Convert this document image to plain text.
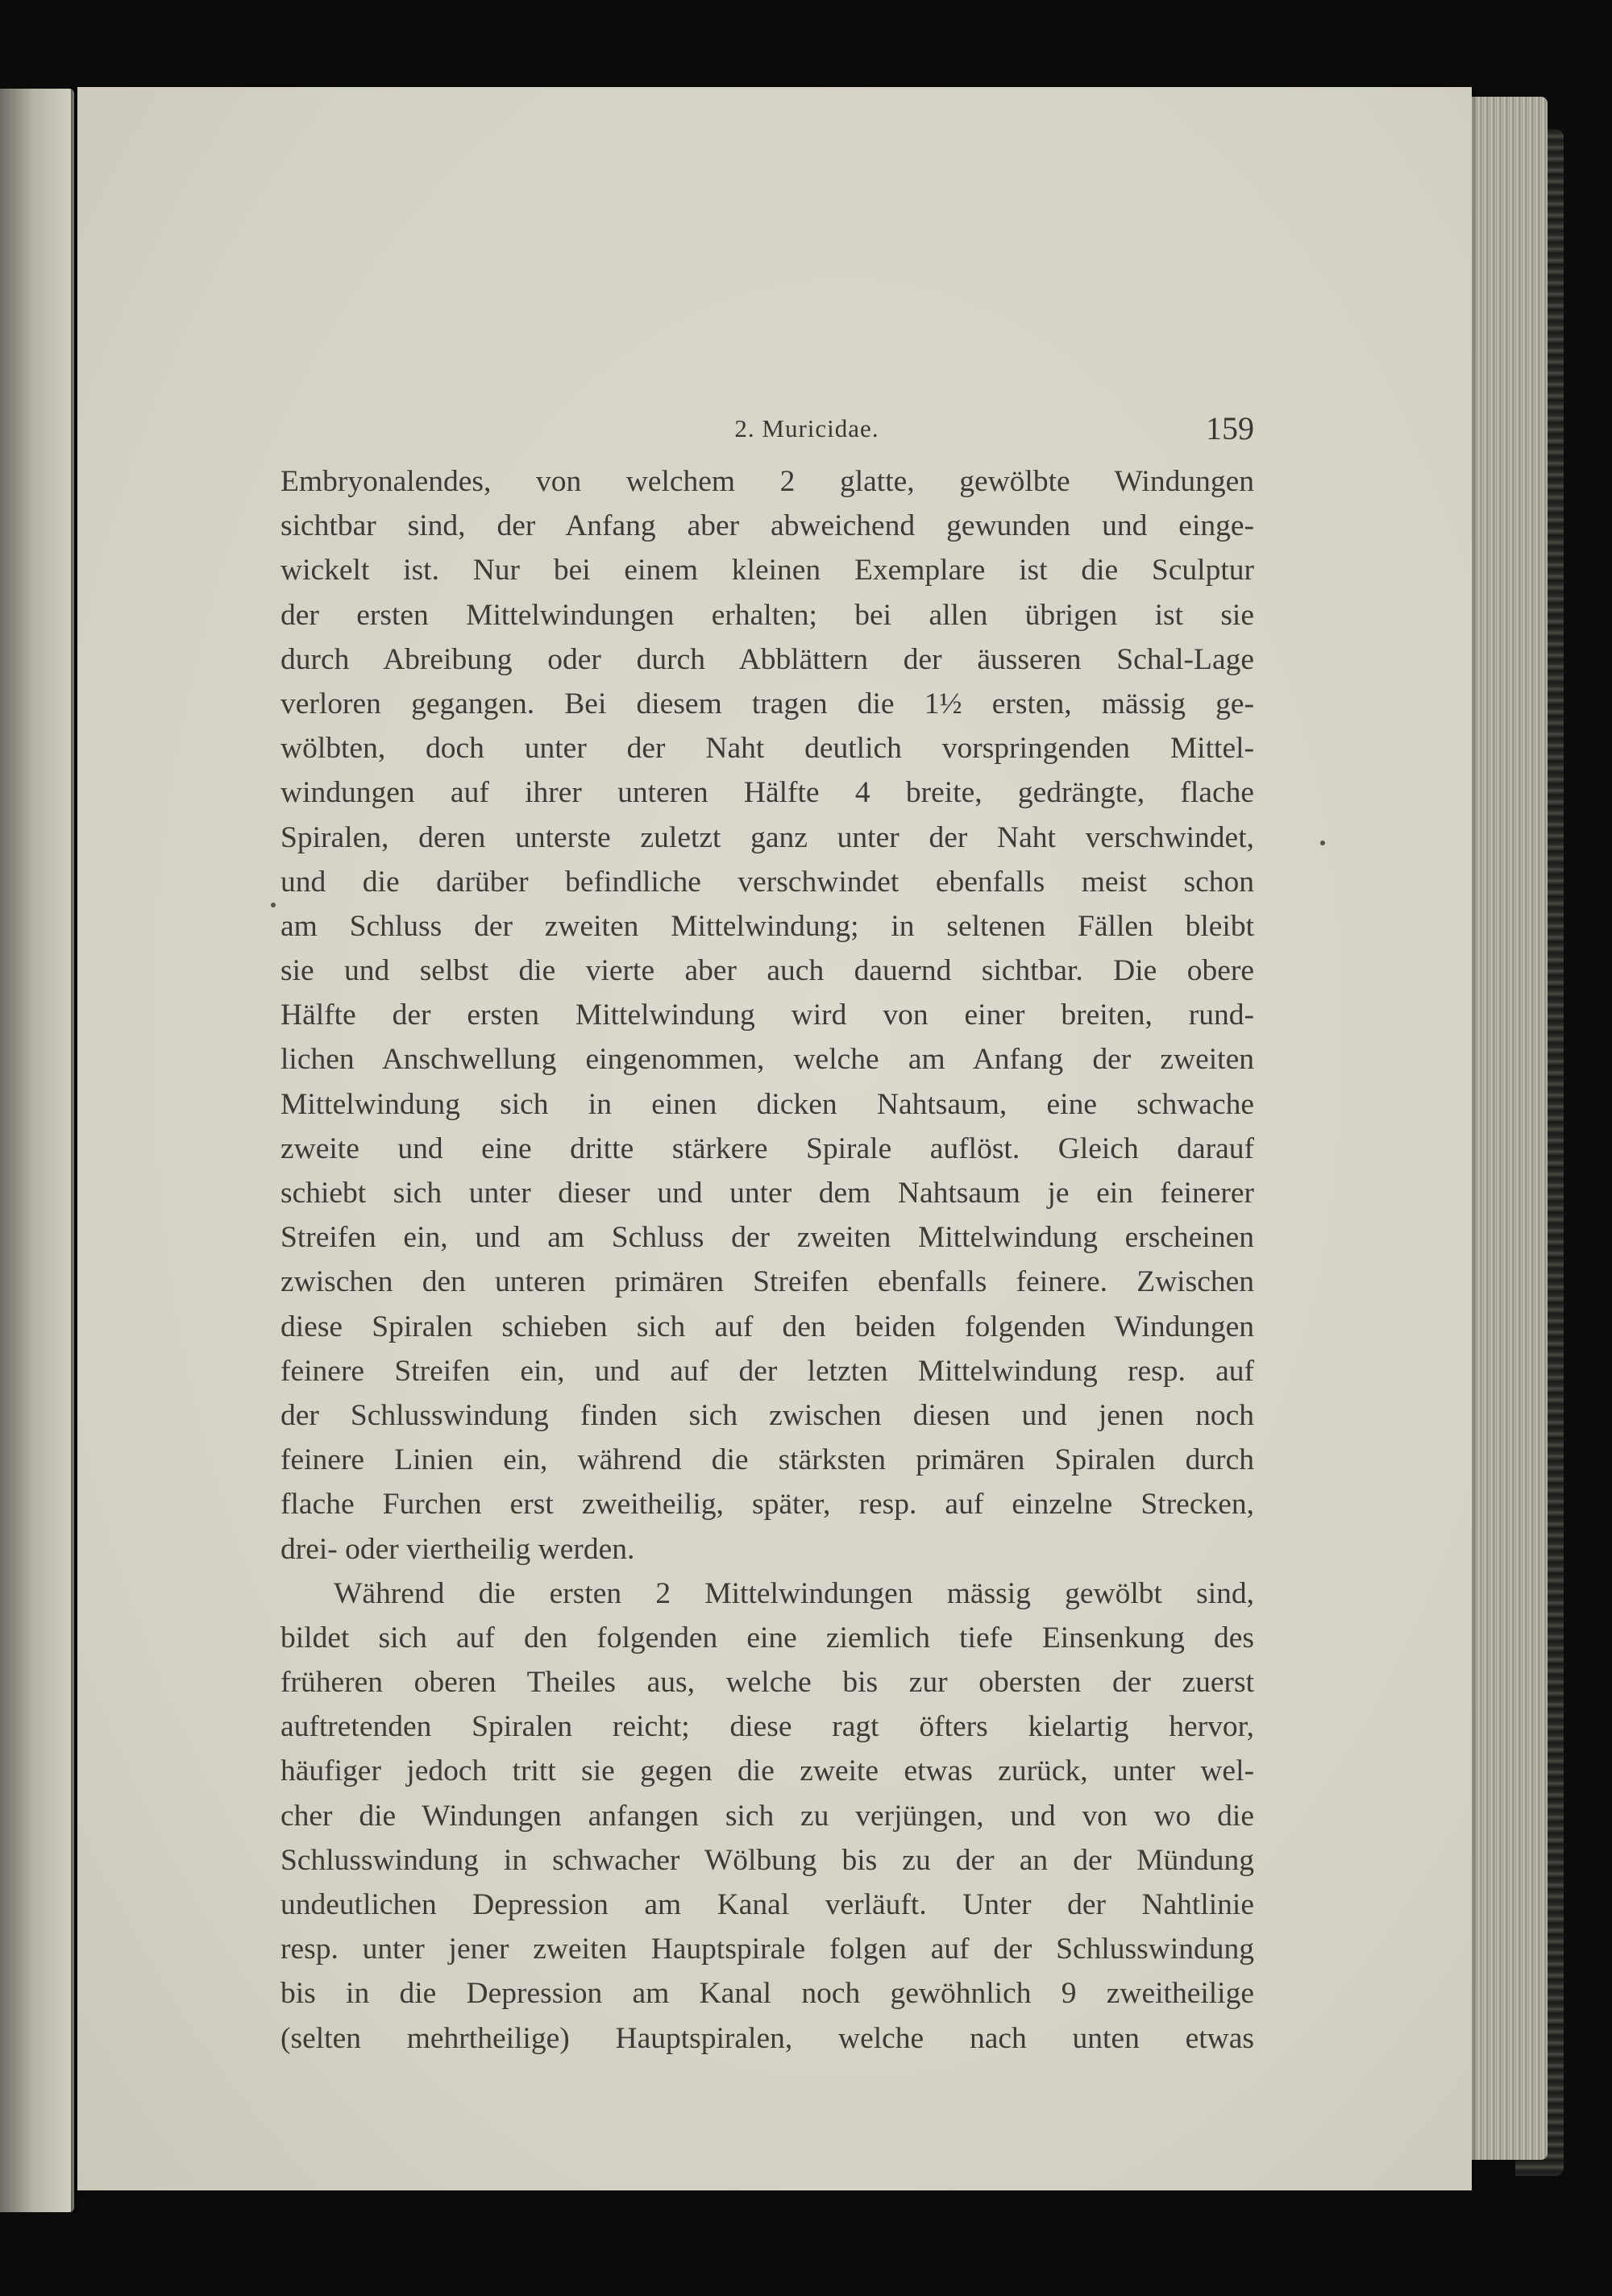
2. Muricidae.	159
Embryonalendes, von welchem 2 glatte, gewölbte Windungen
sichtbar sind, der Anfang aber abweichend gewunden und einge-
wickelt ist. Nur bei einem kleinen Exemplare ist die Sculptur
der ersten Mittelwindungen erhalten; bei allen übrigen ist sie
durch Abreibung oder durch Abblättern der äusseren Schal-Lage
verloren gegangen. Bei diesem tragen die 1½ ersten, mässig ge-
wölbten, doch unter der Naht deutlich vorspringenden Mittel-
windungen auf ihrer unteren Hälfte 4 breite, gedrängte, flache
Spiralen, deren unterste zuletzt ganz unter der Naht verschwindet,
und die darüber befindliche verschwindet ebenfalls meist schon
am Schluss der zweiten Mittelwindung; in seltenen Fällen bleibt
sie und selbst die vierte aber auch dauernd sichtbar. Die obere
Hälfte der ersten Mittelwindung wird von einer breiten, rund-
lichen Anschwellung eingenommen, welche am Anfang der zweiten
Mittelwindung sich in einen dicken Nahtsaum, eine schwache
zweite und eine dritte stärkere Spirale auflöst. Gleich darauf
schiebt sich unter dieser und unter dem Nahtsaum je ein feinerer
Streifen ein, und am Schluss der zweiten Mittelwindung erscheinen
zwischen den unteren primären Streifen ebenfalls feinere. Zwischen
diese Spiralen schieben sich auf den beiden folgenden Windungen
feinere Streifen ein, und auf der letzten Mittelwindung resp. auf
der Schlusswindung finden sich zwischen diesen und jenen noch
feinere Linien ein, während die stärksten primären Spiralen durch
flache Furchen erst zweitheilig, später, resp. auf einzelne Strecken,
drei- oder viertheilig werden.
Während die ersten 2 Mittelwindungen mässig gewölbt sind,
bildet sich auf den folgenden eine ziemlich tiefe Einsenkung des
früheren oberen Theiles aus, welche bis zur obersten der zuerst
auftretenden Spiralen reicht; diese ragt öfters kielartig hervor,
häufiger jedoch tritt sie gegen die zweite etwas zurück, unter wel-
cher die Windungen anfangen sich zu verjüngen, und von wo die
Schlusswindung in schwacher Wölbung bis zu der an der Mündung
undeutlichen Depression am Kanal verläuft. Unter der Nahtlinie
resp. unter jener zweiten Hauptspirale folgen auf der Schlusswindung
bis in die Depression am Kanal noch gewöhnlich 9 zweitheilige
(selten mehrtheilige) Hauptspiralen, welche nach unten etwas
